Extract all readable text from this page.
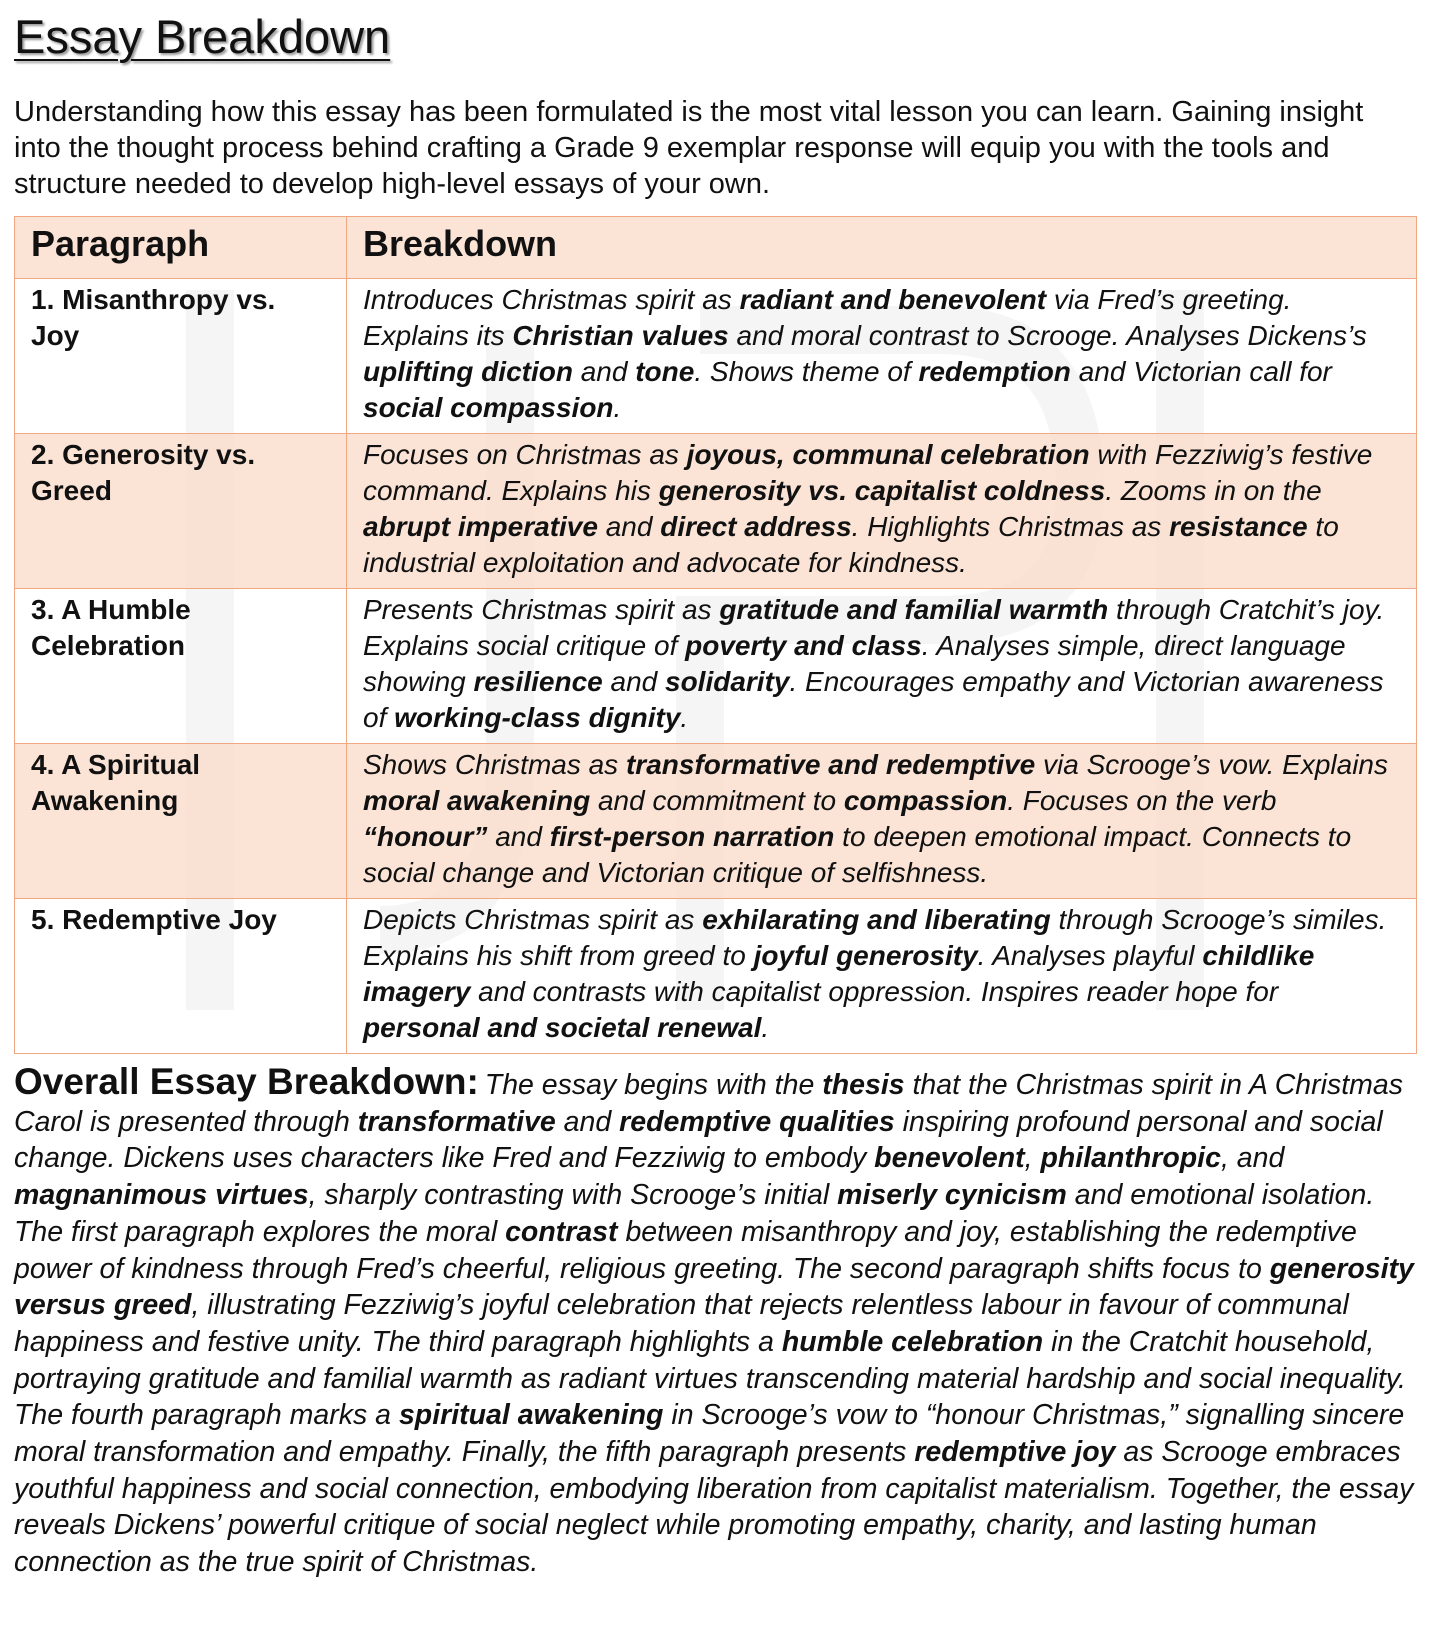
Essay Breakdown

Understanding how this essay has been formulated is the most vital lesson you can learn. Gaining insight into the thought process behind crafting a Grade 9 exemplar response will equip you with the tools and structure needed to develop high-level essays of your own.

Paragraph	Breakdown
1. Misanthropy vs. Joy	Introduces Christmas spirit as radiant and benevolent via Fred’s greeting. Explains its Christian values and moral contrast to Scrooge. Analyses Dickens’s uplifting diction and tone. Shows theme of redemption and Victorian call for social compassion.
2. Generosity vs. Greed	Focuses on Christmas as joyous, communal celebration with Fezziwig’s festive command. Explains his generosity vs. capitalist coldness. Zooms in on the abrupt imperative and direct address. Highlights Christmas as resistance to industrial exploitation and advocate for kindness.
3. A Humble Celebration	Presents Christmas spirit as gratitude and familial warmth through Cratchit’s joy. Explains social critique of poverty and class. Analyses simple, direct language showing resilience and solidarity. Encourages empathy and Victorian awareness of working-class dignity.
4. A Spiritual Awakening	Shows Christmas as transformative and redemptive via Scrooge’s vow. Explains moral awakening and commitment to compassion. Focuses on the verb “honour” and first-person narration to deepen emotional impact. Connects to social change and Victorian critique of selfishness.
5. Redemptive Joy	Depicts Christmas spirit as exhilarating and liberating through Scrooge’s similes. Explains his shift from greed to joyful generosity. Analyses playful childlike imagery and contrasts with capitalist oppression. Inspires reader hope for personal and societal renewal.

Overall Essay Breakdown: The essay begins with the thesis that the Christmas spirit in A Christmas Carol is presented through transformative and redemptive qualities inspiring profound personal and social change. Dickens uses characters like Fred and Fezziwig to embody benevolent, philanthropic, and magnanimous virtues, sharply contrasting with Scrooge’s initial miserly cynicism and emotional isolation. The first paragraph explores the moral contrast between misanthropy and joy, establishing the redemptive power of kindness through Fred’s cheerful, religious greeting. The second paragraph shifts focus to generosity versus greed, illustrating Fezziwig’s joyful celebration that rejects relentless labour in favour of communal happiness and festive unity. The third paragraph highlights a humble celebration in the Cratchit household, portraying gratitude and familial warmth as radiant virtues transcending material hardship and social inequality. The fourth paragraph marks a spiritual awakening in Scrooge’s vow to “honour Christmas,” signalling sincere moral transformation and empathy. Finally, the fifth paragraph presents redemptive joy as Scrooge embraces youthful happiness and social connection, embodying liberation from capitalist materialism. Together, the essay reveals Dickens’ powerful critique of social neglect while promoting empathy, charity, and lasting human connection as the true spirit of Christmas.
